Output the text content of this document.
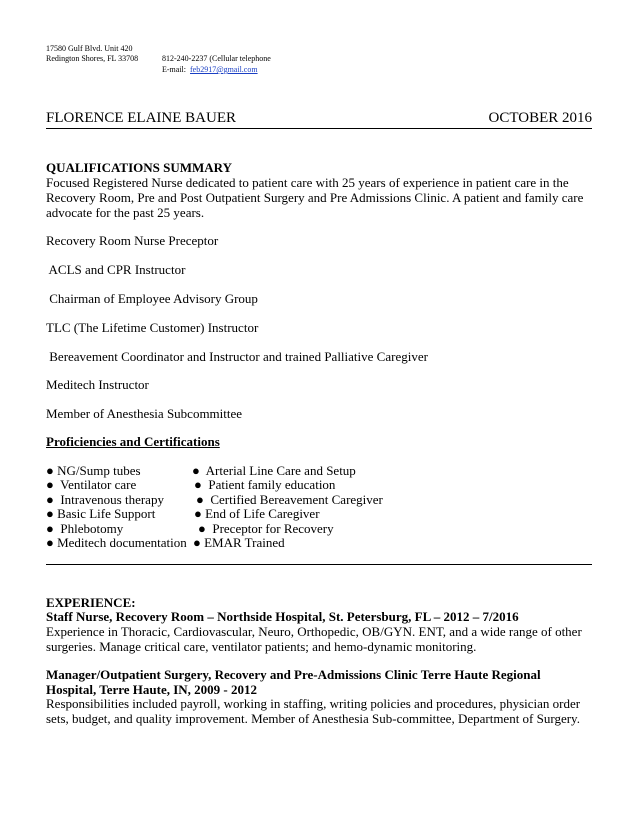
17580 Gulf Blvd. Unit 420
Redington Shores, FL 33708	812-240-2237 (Cellular telephone
E-mail: feb2917@gmail.com
FLORENCE ELAINE BAUER	OCTOBER 2016
QUALIFICATIONS SUMMARY
Focused Registered Nurse dedicated to patient care with 25 years of experience in patient care in the Recovery Room, Pre and Post Outpatient Surgery and Pre Admissions Clinic. A patient and family care advocate for the past 25 years.
Recovery Room Nurse Preceptor
ACLS and CPR Instructor
Chairman of Employee Advisory Group
TLC (The Lifetime Customer) Instructor
Bereavement Coordinator and Instructor and trained Palliative Caregiver
Meditech Instructor
Member of Anesthesia Subcommittee
Proficiencies and Certifications
● NG/Sump tubes
●  Ventilator care
●  Intravenous therapy
● Basic Life Support
●  Phlebotomy
● Meditech documentation
●  Arterial Line Care and Setup
●  Patient family education
●  Certified Bereavement Caregiver
● End of Life Caregiver
●  Preceptor for Recovery
● EMAR Trained
EXPERIENCE:
Staff Nurse, Recovery Room – Northside Hospital, St. Petersburg, FL – 2012 – 7/2016
Experience in Thoracic, Cardiovascular, Neuro, Orthopedic, OB/GYN. ENT, and a wide range of other surgeries. Manage critical care, ventilator patients; and hemo-dynamic monitoring.
Manager/Outpatient Surgery, Recovery and Pre-Admissions Clinic Terre Haute Regional Hospital, Terre Haute, IN, 2009 - 2012
Responsibilities included payroll, working in staffing, writing policies and procedures, physician order sets, budget, and quality improvement. Member of Anesthesia Sub-committee, Department of Surgery.
